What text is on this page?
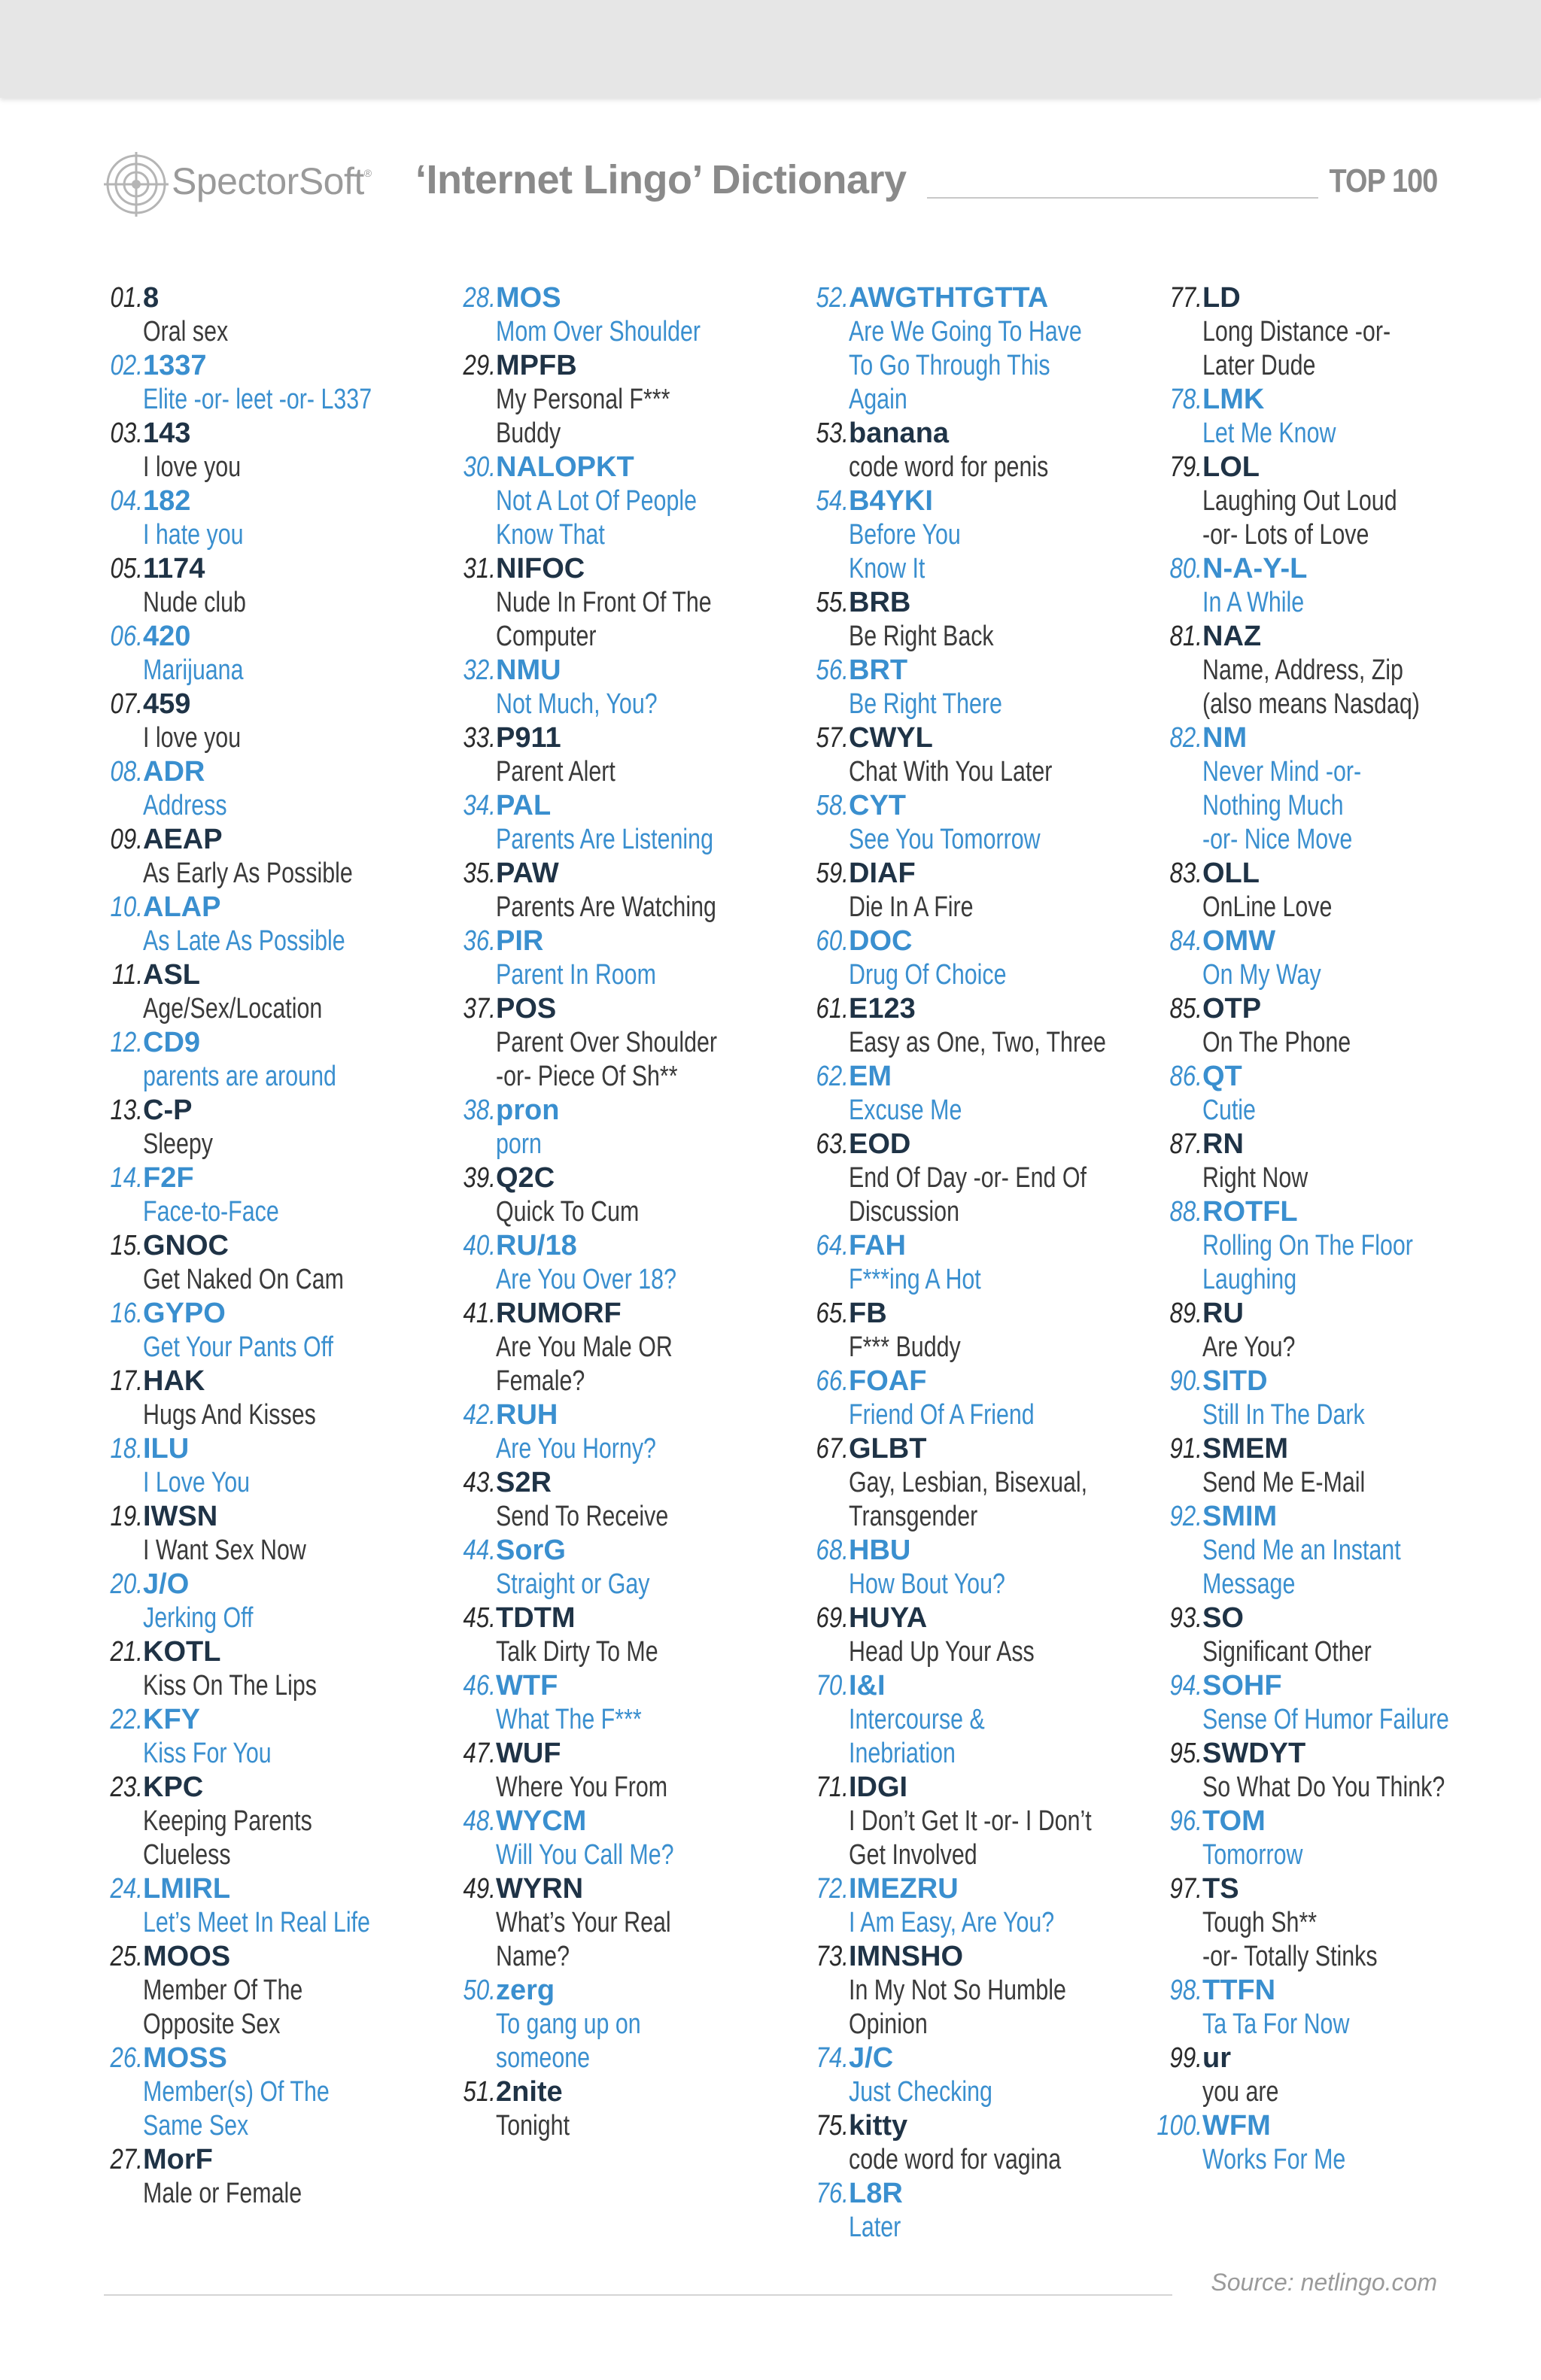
SpectorSoft® ‘Internet Lingo’ Dictionary	TOP 100
01. 8
Oral sex
02. 1337
Elite -or- leet -or- L337
03. 143
I love you
04. 182
I hate you
05. 1174
Nude club
06. 420
Marijuana
07. 459
I love you
08. ADR
Address
09. AEAP
As Early As Possible
10. ALAP
As Late As Possible
11. ASL
Age/Sex/Location
12. CD9
parents are around
13. C-P
Sleepy
14. F2F
Face-to-Face
15. GNOC
Get Naked On Cam
16. GYPO
Get Your Pants Off
17. HAK
Hugs And Kisses
18. ILU
I Love You
19. IWSN
I Want Sex Now
20. J/O
Jerking Off
21. KOTL
Kiss On The Lips
22. KFY
Kiss For You
23. KPC
Keeping Parents
Clueless
24. LMIRL
Let’s Meet In Real Life
25. MOOS
Member Of The
Opposite Sex
26. MOSS
Member(s) Of The
Same Sex
27. MorF
Male or Female
28. MOS
Mom Over Shoulder
29. MPFB
My Personal F***
Buddy
30. NALOPKT
Not A Lot Of People
Know That
31. NIFOC
Nude In Front Of The
Computer
32. NMU
Not Much, You?
33. P911
Parent Alert
34. PAL
Parents Are Listening
35. PAW
Parents Are Watching
36. PIR
Parent In Room
37. POS
Parent Over Shoulder
-or- Piece Of Sh**
38. pron
porn
39. Q2C
Quick To Cum
40. RU/18
Are You Over 18?
41. RUMORF
Are You Male OR
Female?
42. RUH
Are You Horny?
43. S2R
Send To Receive
44. SorG
Straight or Gay
45. TDTM
Talk Dirty To Me
46. WTF
What The F***
47. WUF
Where You From
48. WYCM
Will You Call Me?
49. WYRN
What’s Your Real
Name?
50. zerg
To gang up on
someone
51. 2nite
Tonight
52. AWGTHTGTTA
Are We Going To Have
To Go Through This
Again
53. banana
code word for penis
54. B4YKI
Before You
Know It
55. BRB
Be Right Back
56. BRT
Be Right There
57. CWYL
Chat With You Later
58. CYT
See You Tomorrow
59. DIAF
Die In A Fire
60. DOC
Drug Of Choice
61. E123
Easy as One, Two, Three
62. EM
Excuse Me
63. EOD
End Of Day -or- End Of
Discussion
64. FAH
F***ing A Hot
65. FB
F*** Buddy
66. FOAF
Friend Of A Friend
67. GLBT
Gay, Lesbian, Bisexual,
Transgender
68. HBU
How Bout You?
69. HUYA
Head Up Your Ass
70. I&I
Intercourse &
Inebriation
71. IDGI
I Don’t Get It -or- I Don’t
Get Involved
72. IMEZRU
I Am Easy, Are You?
73. IMNSHO
In My Not So Humble
Opinion
74. J/C
Just Checking
75. kitty
code word for vagina
76. L8R
Later
77. LD
Long Distance -or-
Later Dude
78. LMK
Let Me Know
79. LOL
Laughing Out Loud
-or- Lots of Love
80. N-A-Y-L
In A While
81. NAZ
Name, Address, Zip
(also means Nasdaq)
82. NM
Never Mind -or-
Nothing Much
-or- Nice Move
83. OLL
OnLine Love
84. OMW
On My Way
85. OTP
On The Phone
86. QT
Cutie
87. RN
Right Now
88. ROTFL
Rolling On The Floor
Laughing
89. RU
Are You?
90. SITD
Still In The Dark
91. SMEM
Send Me E-Mail
92. SMIM
Send Me an Instant
Message
93. SO
Significant Other
94. SOHF
Sense Of Humor Failure
95. SWDYT
So What Do You Think?
96. TOM
Tomorrow
97. TS
Tough Sh**
-or- Totally Stinks
98. TTFN
Ta Ta For Now
99. ur
you are
100. WFM
Works For Me
Source: netlingo.com
